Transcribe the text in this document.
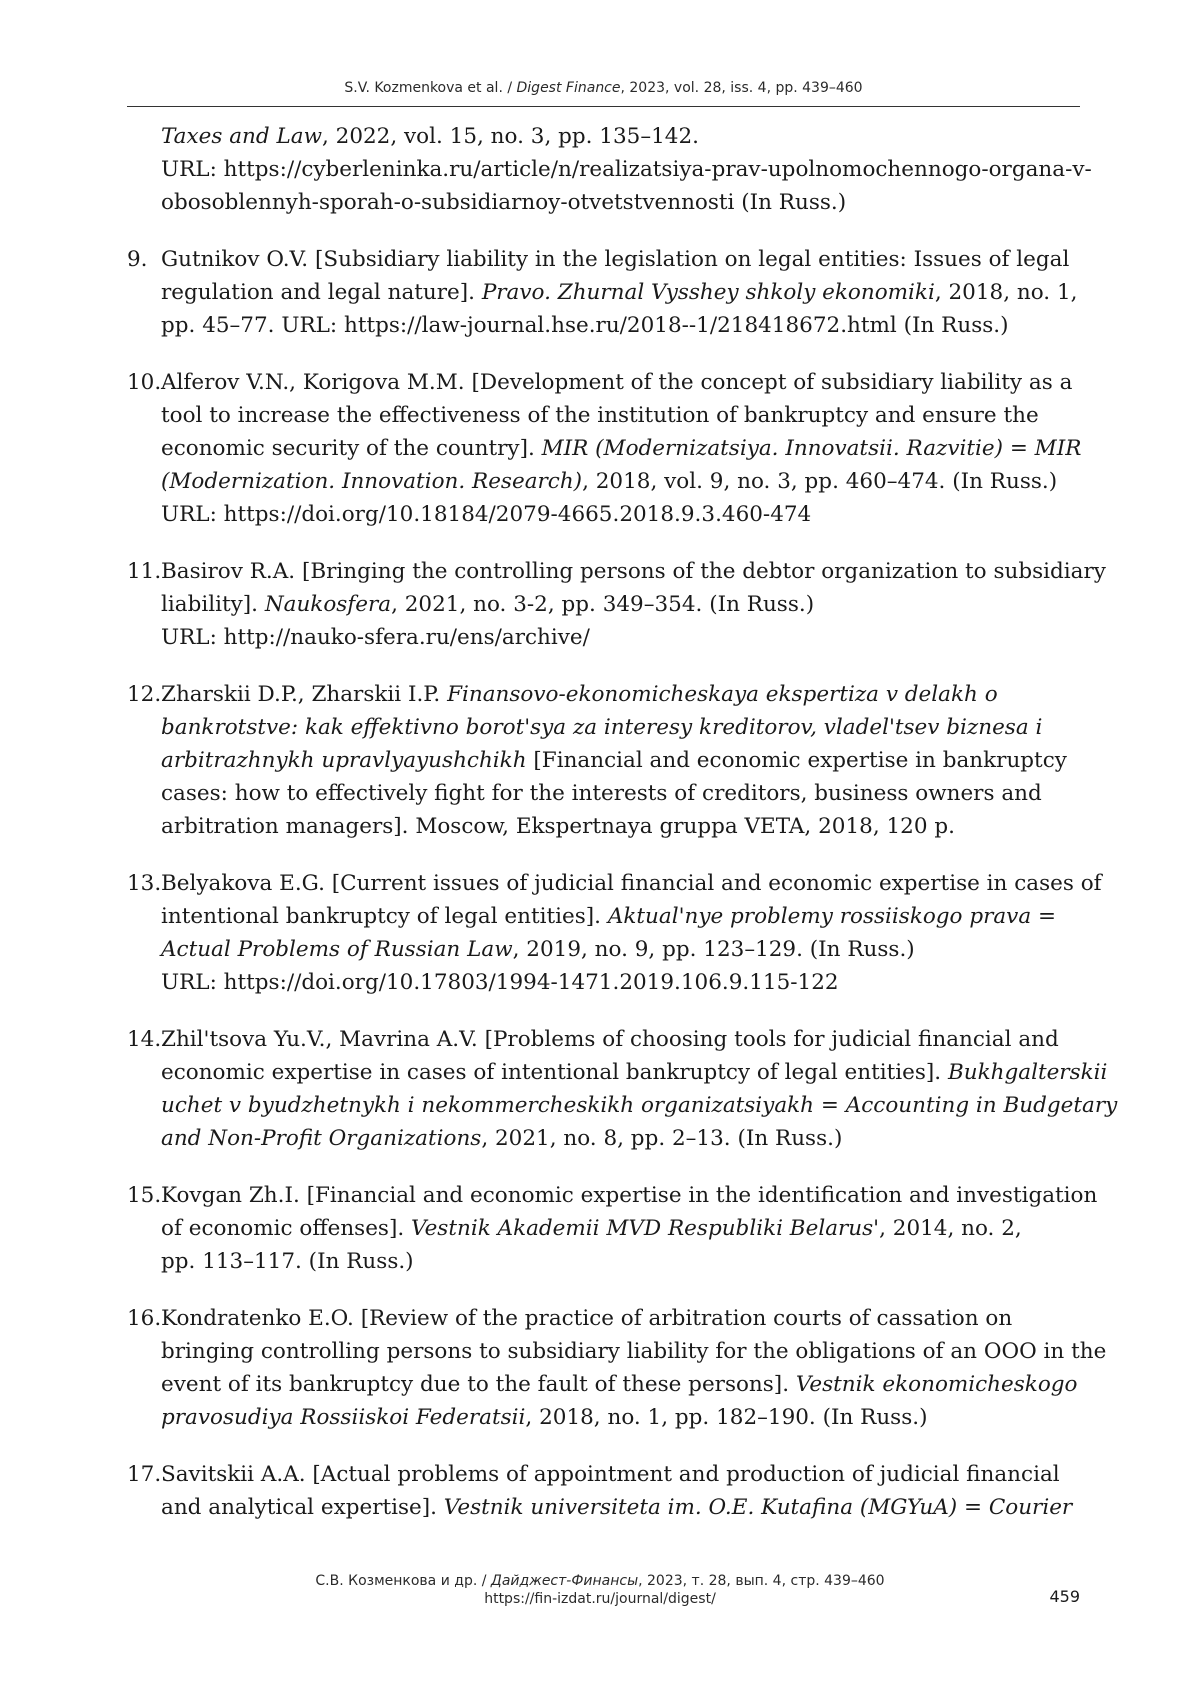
S.V. Kozmenkova et al. / Digest Finance, 2023, vol. 28, iss. 4, pp. 439–460
Taxes and Law, 2022, vol. 15, no. 3, pp. 135–142.
URL: https://cyberleninka.ru/article/n/realizatsiya-prav-upolnomochennogo-organa-v-
obosoblennyh-sporah-o-subsidiarnoy-otvetstvennosti (In Russ.)
9. Gutnikov O.V. [Subsidiary liability in the legislation on legal entities: Issues of legal
regulation and legal nature]. Pravo. Zhurnal Vysshey shkoly ekonomiki, 2018, no. 1,
pp. 45–77. URL: https://law-journal.hse.ru/2018--1/218418672.html (In Russ.)
10. Alferov V.N., Korigova M.M. [Development of the concept of subsidiary liability as a
tool to increase the effectiveness of the institution of bankruptcy and ensure the
economic security of the country]. MIR (Modernizatsiya. Innovatsii. Razvitie) = MIR
(Modernization. Innovation. Research), 2018, vol. 9, no. 3, pp. 460–474. (In Russ.)
URL: https://doi.org/10.18184/2079-4665.2018.9.3.460-474
11. Basirov R.A. [Bringing the controlling persons of the debtor organization to subsidiary
liability]. Naukosfera, 2021, no. 3-2, pp. 349–354. (In Russ.)
URL: http://nauko-sfera.ru/ens/archive/
12. Zharskii D.P., Zharskii I.P. Finansovo-ekonomicheskaya ekspertiza v delakh o
bankrotstve: kak effektivno borot'sya za interesy kreditorov, vladel'tsev biznesa i
arbitrazhnykh upravlyayushchikh [Financial and economic expertise in bankruptcy
cases: how to effectively fight for the interests of creditors, business owners and
arbitration managers]. Moscow, Ekspertnaya gruppa VETA, 2018, 120 p.
13. Belyakova E.G. [Current issues of judicial financial and economic expertise in cases of
intentional bankruptcy of legal entities]. Aktual'nye problemy rossiiskogo prava =
Actual Problems of Russian Law, 2019, no. 9, pp. 123–129. (In Russ.)
URL: https://doi.org/10.17803/1994-1471.2019.106.9.115-122
14. Zhil'tsova Yu.V., Mavrina A.V. [Problems of choosing tools for judicial financial and
economic expertise in cases of intentional bankruptcy of legal entities]. Bukhgalterskii
uchet v byudzhetnykh i nekommercheskikh organizatsiyakh = Accounting in Budgetary
and Non-Profit Organizations, 2021, no. 8, pp. 2–13. (In Russ.)
15. Kovgan Zh.I. [Financial and economic expertise in the identification and investigation
of economic offenses]. Vestnik Akademii MVD Respubliki Belarus', 2014, no. 2,
pp. 113–117. (In Russ.)
16. Kondratenko E.O. [Review of the practice of arbitration courts of cassation on
bringing controlling persons to subsidiary liability for the obligations of an OOO in the
event of its bankruptcy due to the fault of these persons]. Vestnik ekonomicheskogo
pravosudiya Rossiiskoi Federatsii, 2018, no. 1, pp. 182–190. (In Russ.)
17. Savitskii A.A. [Actual problems of appointment and production of judicial financial
and analytical expertise]. Vestnik universiteta im. O.E. Kutafina (MGYuA) = Courier
С.В. Козменкова и др. / Дайджест-Финансы, 2023, т. 28, вып. 4, стр. 439–460
https://fin-izdat.ru/journal/digest/	459
